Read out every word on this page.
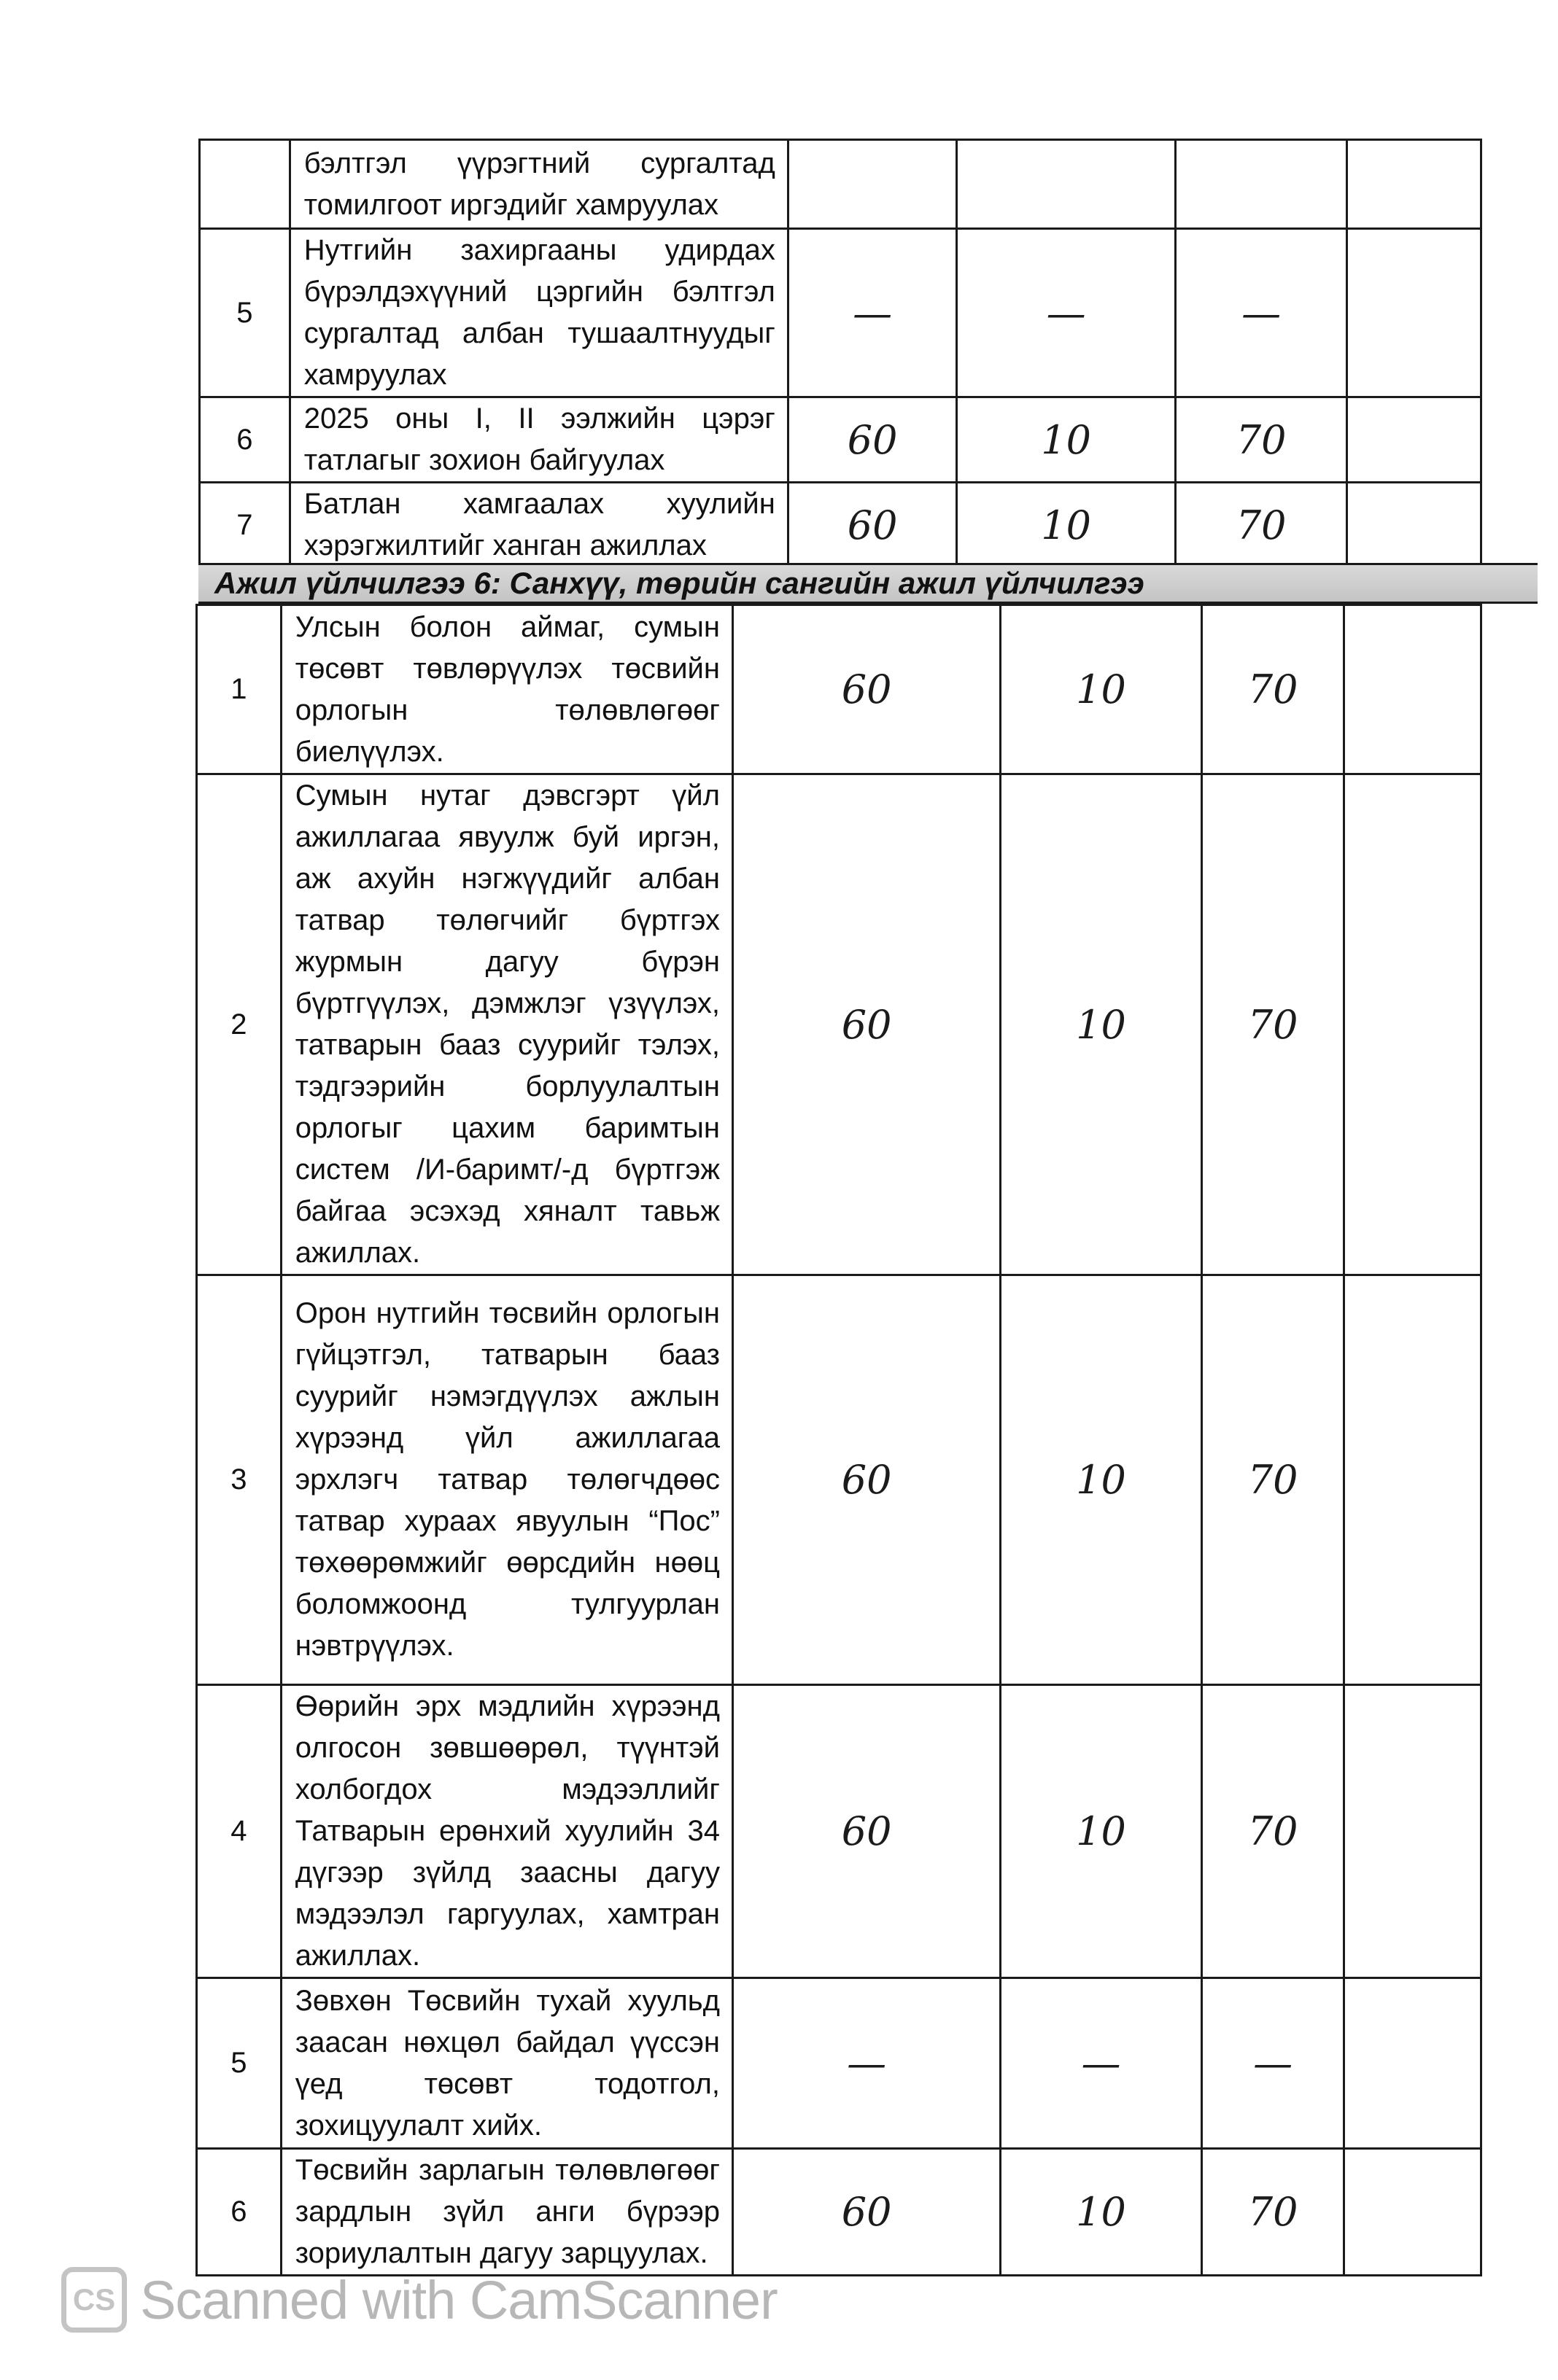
	бэлтгэл үүрэгтний сургалтад томилгоот иргэдийг хамруулах				
5	Нутгийн захиргааны удирдах бүрэлдэхүүний цэргийн бэлтгэл сургалтад албан тушаалтнуудыг хамруулах	—	—	—	
6	2025 оны I, II ээлжийн цэрэг татлагыг зохион байгуулах	60	10	70	
7	Батлан хамгаалах хуулийн хэрэгжилтийг ханган ажиллах	60	10	70	
Ажил үйлчилгээ 6: Санхүү, төрийн сангийн ажил үйлчилгээ
1	Улсын болон аймаг, сумын төсөвт төвлөрүүлэх төсвийн орлогын төлөвлөгөөг биелүүлэх.	60	10	70	
2	Сумын нутаг дэвсгэрт үйл ажиллагаа явуулж буй иргэн, аж ахуйн нэгжүүдийг албан татвар төлөгчийг бүртгэх журмын дагуу бүрэн бүртгүүлэх, дэмжлэг үзүүлэх, татварын бааз суурийг тэлэх, тэдгээрийн борлуулалтын орлогыг цахим баримтын систем /И-баримт/-д бүртгэж байгаа эсэхэд хяналт тавьж ажиллах.	60	10	70	
3	Орон нутгийн төсвийн орлогын гүйцэтгэл, татварын бааз суурийг нэмэгдүүлэх ажлын хүрээнд үйл ажиллагаа эрхлэгч татвар төлөгчдөөс татвар хураах явуулын “Пос” төхөөрөмжийг өөрсдийн нөөц боломжоонд тулгуурлан нэвтрүүлэх.	60	10	70	
4	Өөрийн эрх мэдлийн хүрээнд олгосон зөвшөөрөл, түүнтэй холбогдох мэдээллийг Татварын ерөнхий хуулийн 34 дүгээр зүйлд заасны дагуу мэдээлэл гаргуулах, хамтран ажиллах.	60	10	70	
5	Зөвхөн Төсвийн тухай хуульд заасан нөхцөл байдал үүссэн үед төсөвт тодотгол, зохицуулалт хийх.	—	—	—	
6	Төсвийн зарлагын төлөвлөгөөг зардлын зүйл анги бүрээр зориулалтын дагуу зарцуулах.	60	10	70	
CS Scanned with CamScanner
